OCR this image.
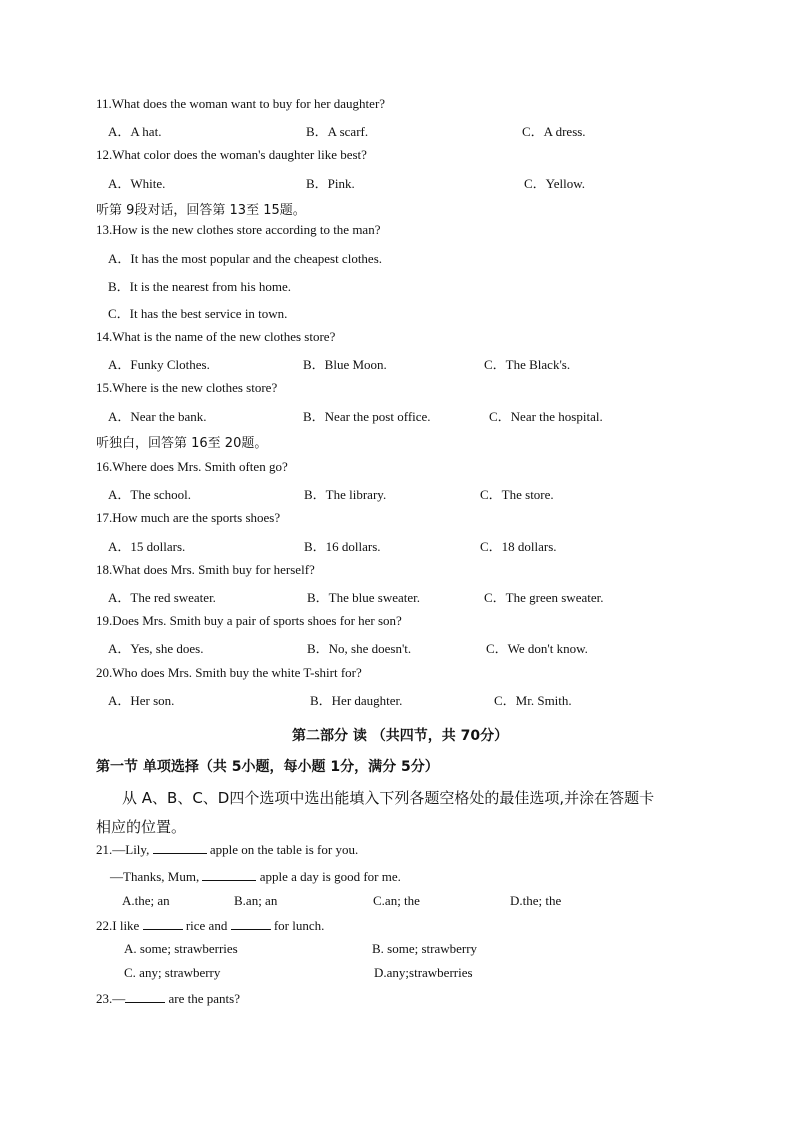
11.What does the woman want to buy for her daughter?
A．A hat.	B．A scarf.	C．A dress.
12.What color does the woman's daughter like best?
A．White.	B．Pink.	C．Yellow.
听第 9段对话，回答第 13至 15题。
13.How is the new clothes store according to the man?
A．It has the most popular and the cheapest clothes.
B．It is the nearest from his home.
C．It has the best service in town.
14.What is the name of the new clothes store?
A．Funky Clothes.	B．Blue Moon.	C．The Black's.
15.Where is the new clothes store?
A．Near the bank.	B．Near the post office.	C．Near the hospital.
听独白，回答第 16至 20题。
16.Where does Mrs. Smith often go?
A．The school.	B．The library.	C．The store.
17.How much are the sports shoes?
A．15 dollars.	B．16 dollars.	C．18 dollars.
18.What does Mrs. Smith buy for herself?
A．The red sweater.	B．The blue sweater.	C．The green sweater.
19.Does Mrs. Smith buy a pair of sports shoes for her son?
A．Yes, she does.	B．No, she doesn't.	C．We don't know.
20.Who does Mrs. Smith buy the white T-shirt for?
A．Her son.	B．Her daughter.	C．Mr. Smith.
第二部分 读 （共四节，共 70分）
第一节 单项选择（共 5小题，每小题 1分，满分 5分）
从 A、B、C、D四个选项中选出能填入下列各题空格处的最佳选项,并涂在答题卡
相应的位置。
21.—Lily,	apple on the table is for you.
—Thanks, Mum,	apple a day is good for me.
A.the; an	B.an; an	C.an; the	D.the; the
22.I like	rice and	for lunch.
A. some; strawberries	B. some; strawberry
C. any; strawberry	D.any;strawberries
23.—	are the pants?
